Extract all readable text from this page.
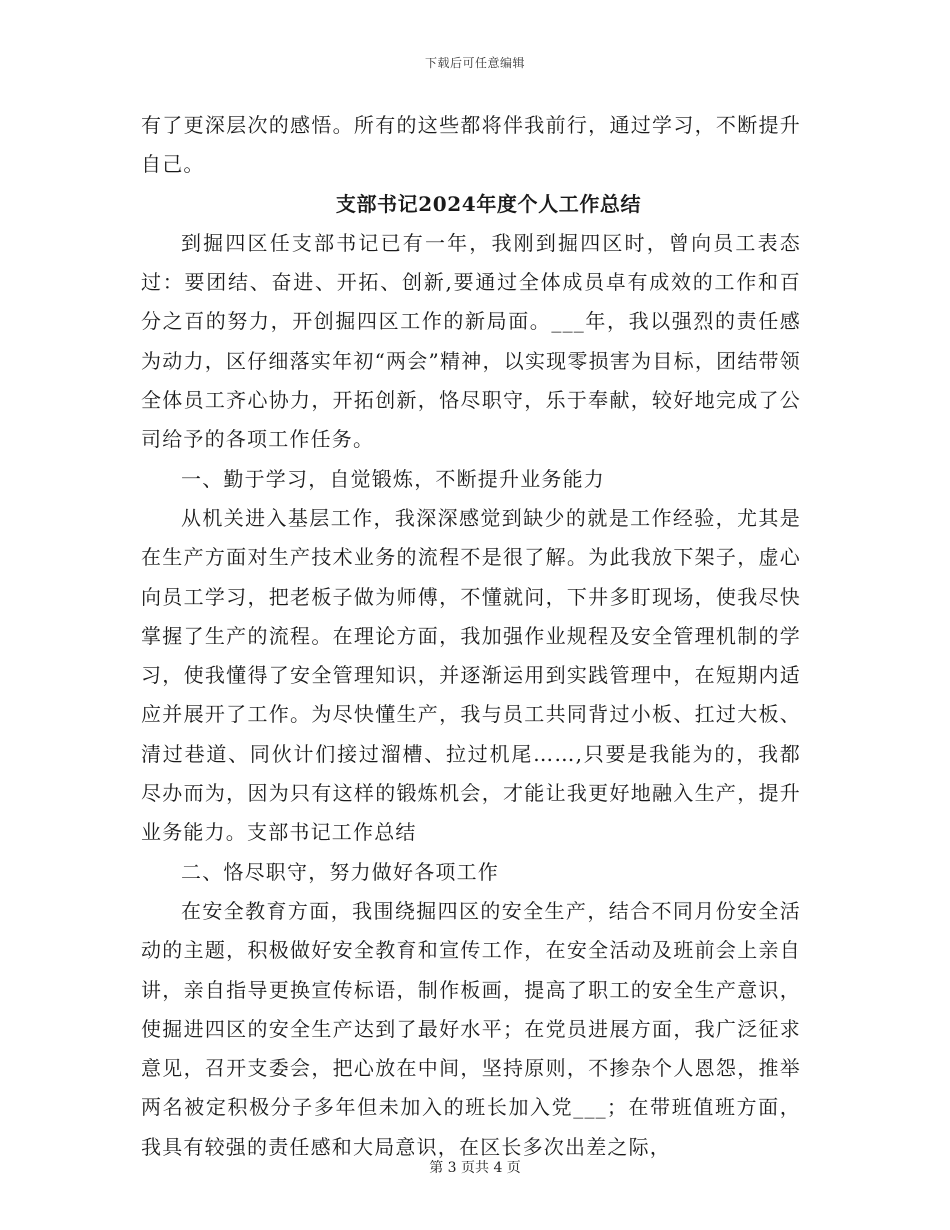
下载后可任意编辑

有了更深层次的感悟。所有的这些都将伴我前行，通过学习，不断提升自己。

支部书记2024年度个人工作总结

到掘四区任支部书记已有一年，我刚到掘四区时，曾向员工表态过：要团结、奋进、开拓、创新,要通过全体成员卓有成效的工作和百分之百的努力，开创掘四区工作的新局面。___年，我以强烈的责任感为动力，区仔细落实年初“两会”精神，以实现零损害为目标，团结带领全体员工齐心协力，开拓创新，恪尽职守，乐于奉献，较好地完成了公司给予的各项工作任务。

一、勤于学习，自觉锻炼，不断提升业务能力

从机关进入基层工作，我深深感觉到缺少的就是工作经验，尤其是在生产方面对生产技术业务的流程不是很了解。为此我放下架子，虚心向员工学习，把老板子做为师傅，不懂就问，下井多盯现场，使我尽快掌握了生产的流程。在理论方面，我加强作业规程及安全管理机制的学习，使我懂得了安全管理知识，并逐渐运用到实践管理中，在短期内适应并展开了工作。为尽快懂生产，我与员工共同背过小板、扛过大板、清过巷道、同伙计们接过溜槽、拉过机尾……,只要是我能为的，我都尽办而为，因为只有这样的锻炼机会，才能让我更好地融入生产，提升业务能力。支部书记工作总结

二、恪尽职守，努力做好各项工作

在安全教育方面，我围绕掘四区的安全生产，结合不同月份安全活动的主题，积极做好安全教育和宣传工作，在安全活动及班前会上亲自讲，亲自指导更换宣传标语，制作板画，提高了职工的安全生产意识，使掘进四区的安全生产达到了最好水平；在党员进展方面，我广泛征求意见，召开支委会，把心放在中间，坚持原则，不掺杂个人恩怨，推举两名被定积极分子多年但未加入的班长加入党___；在带班值班方面，我具有较强的责任感和大局意识，在区长多次出差之际，

第 3 页共 4 页
